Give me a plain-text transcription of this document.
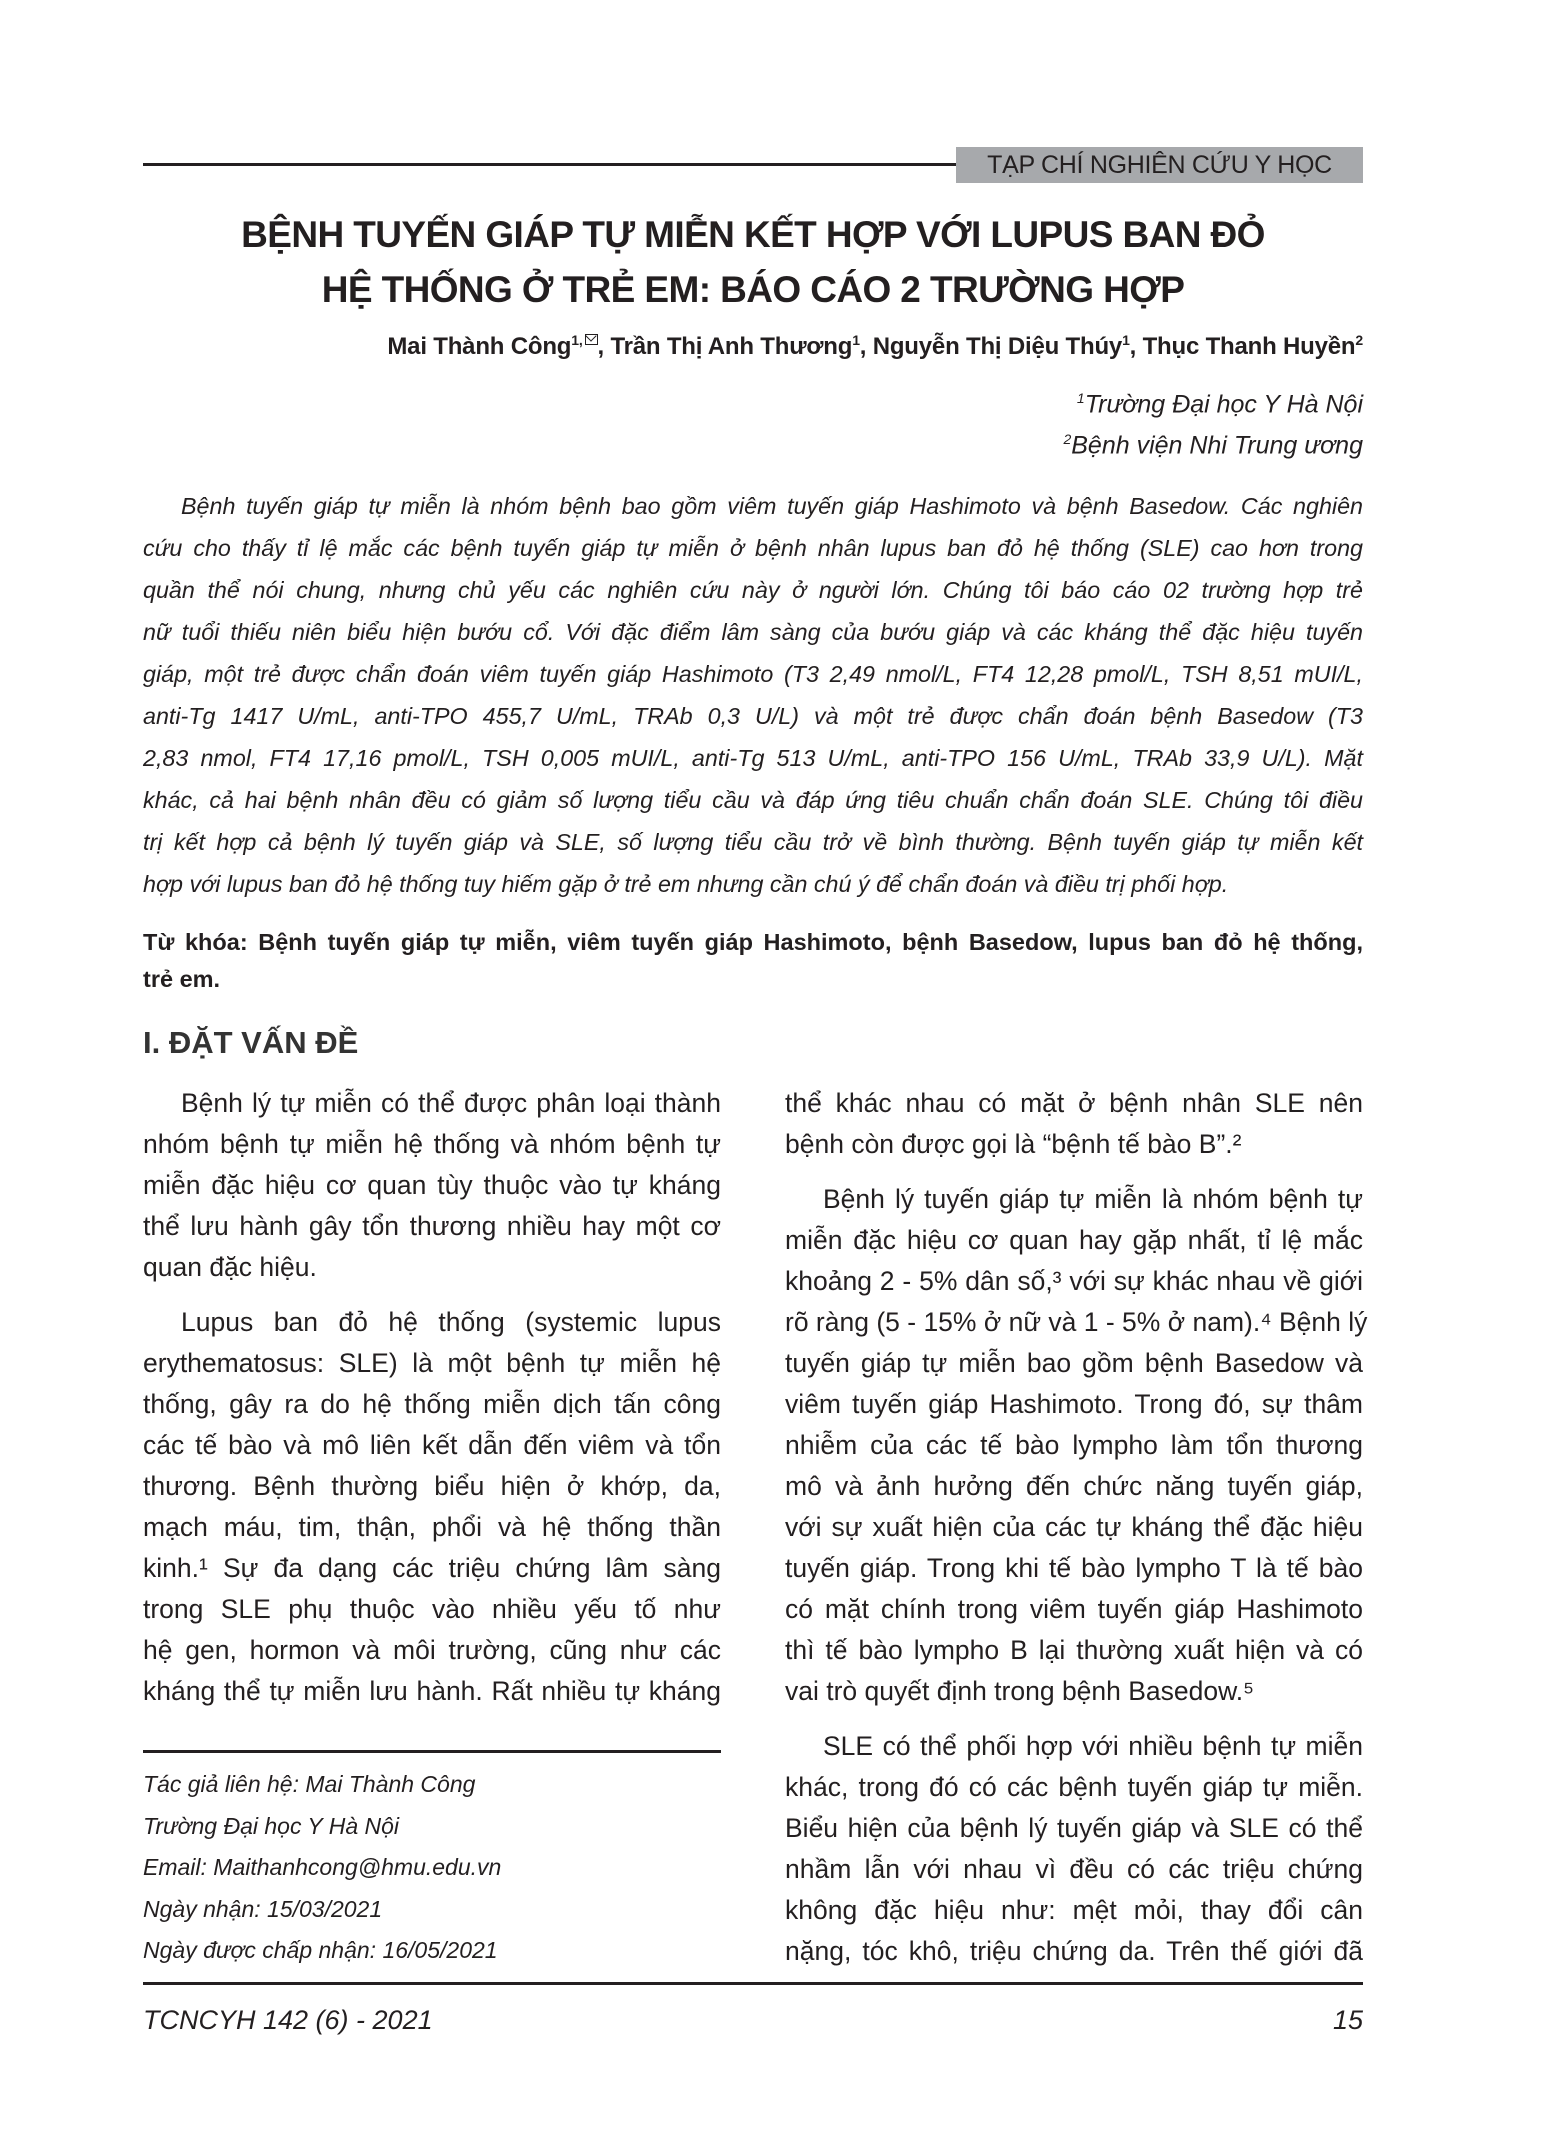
TẠP CHÍ NGHIÊN CỨU Y HỌC
BỆNH TUYẾN GIÁP TỰ MIỄN KẾT HỢP VỚI LUPUS BAN ĐỎ
HỆ THỐNG Ở TRẺ EM: BÁO CÁO 2 TRƯỜNG HỢP
Mai Thành Công$^{1,}$ , Trần Thị Anh Thương$^1$, Nguyễn Thị Diệu Thúy$^1$, Thục Thanh Huyền$^2$
$^1$Trường Đại học Y Hà Nội
$^2$Bệnh viện Nhi Trung ương
Bệnh tuyến giáp tự miễn là nhóm bệnh bao gồm viêm tuyến giáp Hashimoto và bệnh Basedow. Các nghiên
cứu cho thấy tỉ lệ mắc các bệnh tuyến giáp tự miễn ở bệnh nhân lupus ban đỏ hệ thống (SLE) cao hơn trong
quần thể nói chung, nhưng chủ yếu các nghiên cứu này ở người lớn. Chúng tôi báo cáo 02 trường hợp trẻ
nữ tuổi thiếu niên biểu hiện bướu cổ. Với đặc điểm lâm sàng của bướu giáp và các kháng thể đặc hiệu tuyến
giáp, một trẻ được chẩn đoán viêm tuyến giáp Hashimoto (T3 2,49 nmol/L, FT4 12,28 pmol/L, TSH 8,51 mUI/L,
anti-Tg 1417 U/mL, anti-TPO 455,7 U/mL, TRAb 0,3 U/L) và một trẻ được chẩn đoán bệnh Basedow (T3
2,83 nmol, FT4 17,16 pmol/L, TSH 0,005 mUI/L, anti-Tg 513 U/mL, anti-TPO 156 U/mL, TRAb 33,9 U/L). Mặt
khác, cả hai bệnh nhân đều có giảm số lượng tiểu cầu và đáp ứng tiêu chuẩn chẩn đoán SLE. Chúng tôi điều
trị kết hợp cả bệnh lý tuyến giáp và SLE, số lượng tiểu cầu trở về bình thường. Bệnh tuyến giáp tự miễn kết
hợp với lupus ban đỏ hệ thống tuy hiếm gặp ở trẻ em nhưng cần chú ý để chẩn đoán và điều trị phối hợp.
Từ khóa: Bệnh tuyến giáp tự miễn, viêm tuyến giáp Hashimoto, bệnh Basedow, lupus ban đỏ hệ thống,
trẻ em.
I. ĐẶT VẤN ĐỀ
Bệnh lý tự miễn có thể được phân loại thành
nhóm bệnh tự miễn hệ thống và nhóm bệnh tự
miễn đặc hiệu cơ quan tùy thuộc vào tự kháng
thể lưu hành gây tổn thương nhiều hay một cơ
quan đặc hiệu.
Lupus ban đỏ hệ thống (systemic lupus
erythematosus: SLE) là một bệnh tự miễn hệ
thống, gây ra do hệ thống miễn dịch tấn công
các tế bào và mô liên kết dẫn đến viêm và tổn
thương. Bệnh thường biểu hiện ở khớp, da,
mạch máu, tim, thận, phổi và hệ thống thần
kinh.¹ Sự đa dạng các triệu chứng lâm sàng
trong SLE phụ thuộc vào nhiều yếu tố như
hệ gen, hormon và môi trường, cũng như các
kháng thể tự miễn lưu hành. Rất nhiều tự kháng
thể khác nhau có mặt ở bệnh nhân SLE nên
bệnh còn được gọi là “bệnh tế bào B”.²
Bệnh lý tuyến giáp tự miễn là nhóm bệnh tự
miễn đặc hiệu cơ quan hay gặp nhất, tỉ lệ mắc
khoảng 2 - 5% dân số,³ với sự khác nhau về giới
rõ ràng (5 - 15% ở nữ và 1 - 5% ở nam).⁴ Bệnh lý
tuyến giáp tự miễn bao gồm bệnh Basedow và
viêm tuyến giáp Hashimoto. Trong đó, sự thâm
nhiễm của các tế bào lympho làm tổn thương
mô và ảnh hưởng đến chức năng tuyến giáp,
với sự xuất hiện của các tự kháng thể đặc hiệu
tuyến giáp. Trong khi tế bào lympho T là tế bào
có mặt chính trong viêm tuyến giáp Hashimoto
thì tế bào lympho B lại thường xuất hiện và có
vai trò quyết định trong bệnh Basedow.⁵
SLE có thể phối hợp với nhiều bệnh tự miễn
khác, trong đó có các bệnh tuyến giáp tự miễn.
Biểu hiện của bệnh lý tuyến giáp và SLE có thể
nhầm lẫn với nhau vì đều có các triệu chứng
không đặc hiệu như: mệt mỏi, thay đổi cân
nặng, tóc khô, triệu chứng da. Trên thế giới đã
Tác giả liên hệ: Mai Thành Công
Trường Đại học Y Hà Nội
Email: Maithanhcong@hmu.edu.vn
Ngày nhận: 15/03/2021
Ngày được chấp nhận: 16/05/2021
TCNCYH 142 (6) - 2021	15
